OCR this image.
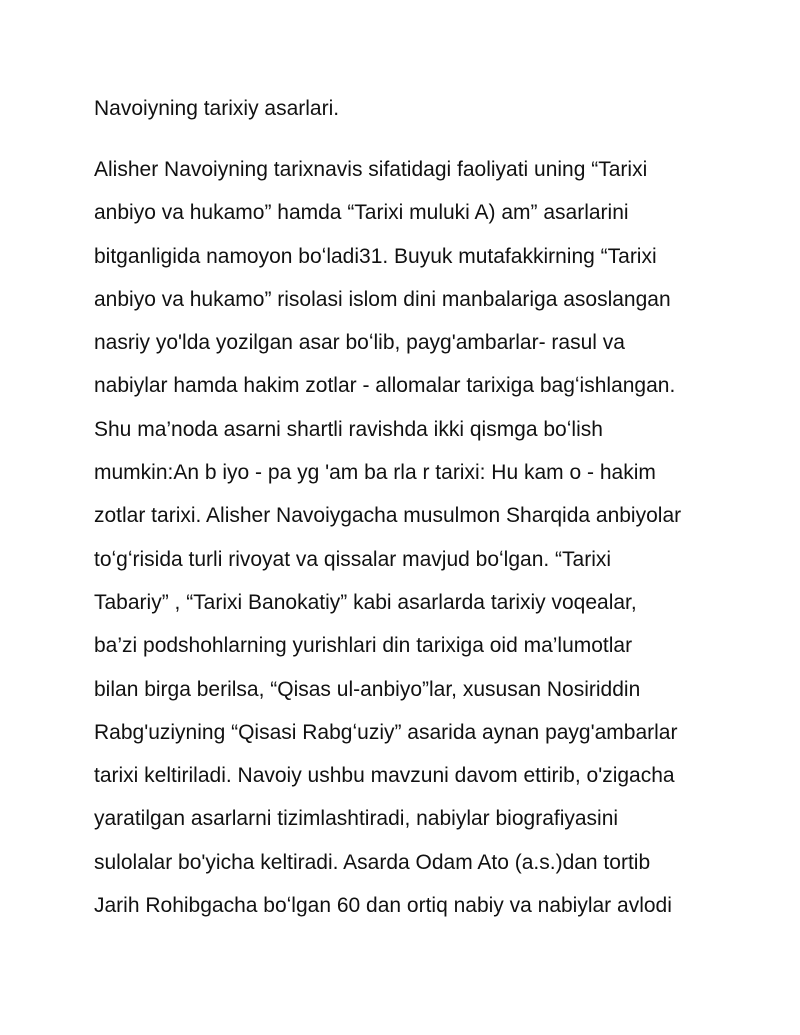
Navoiyning tarixiy asarlari.
Alisher Navoiyning tarixnavis sifatidagi faoliyati uning “Tarixi
anbiyo va hukamo” hamda “Tarixi muluki A) am” asarlarini
bitganligida namoyon boʻladi31. Buyuk mutafakkirning “Tarixi
anbiyo va hukamo” risolasi islom dini manbalariga asoslangan
nasriy yo'lda yozilgan asar boʻlib, payg'ambarlar- rasul va
nabiylar hamda hakim zotlar - allomalar tarixiga bagʻishlangan.
Shu ma’noda asarni shartli ravishda ikki qismga boʻlish
mumkin:An b iyo - pa yg 'am ba rla r tarixi: Hu kam o - hakim
zotlar tarixi. Alisher Navoiygacha musulmon Sharqida anbiyolar
toʻgʻrisida turli rivoyat va qissalar mavjud boʻlgan. “Tarixi
Tabariy” , “Tarixi Banokatiy” kabi asarlarda tarixiy voqealar,
ba’zi podshohlarning yurishlari din tarixiga oid ma’lumotlar
bilan birga berilsa, “Qisas ul-anbiyo”lar, xususan Nosiriddin
Rabg'uziyning “Qisasi Rabgʻuziy” asarida aynan payg'ambarlar
tarixi keltiriladi. Navoiy ushbu mavzuni davom ettirib, o'zigacha
yaratilgan asarlarni tizimlashtiradi, nabiylar biografiyasini
sulolalar bo'yicha keltiradi. Asarda Odam Ato (a.s.)dan tortib
Jarih Rohibgacha boʻlgan 60 dan ortiq nabiy va nabiylar avlodi
